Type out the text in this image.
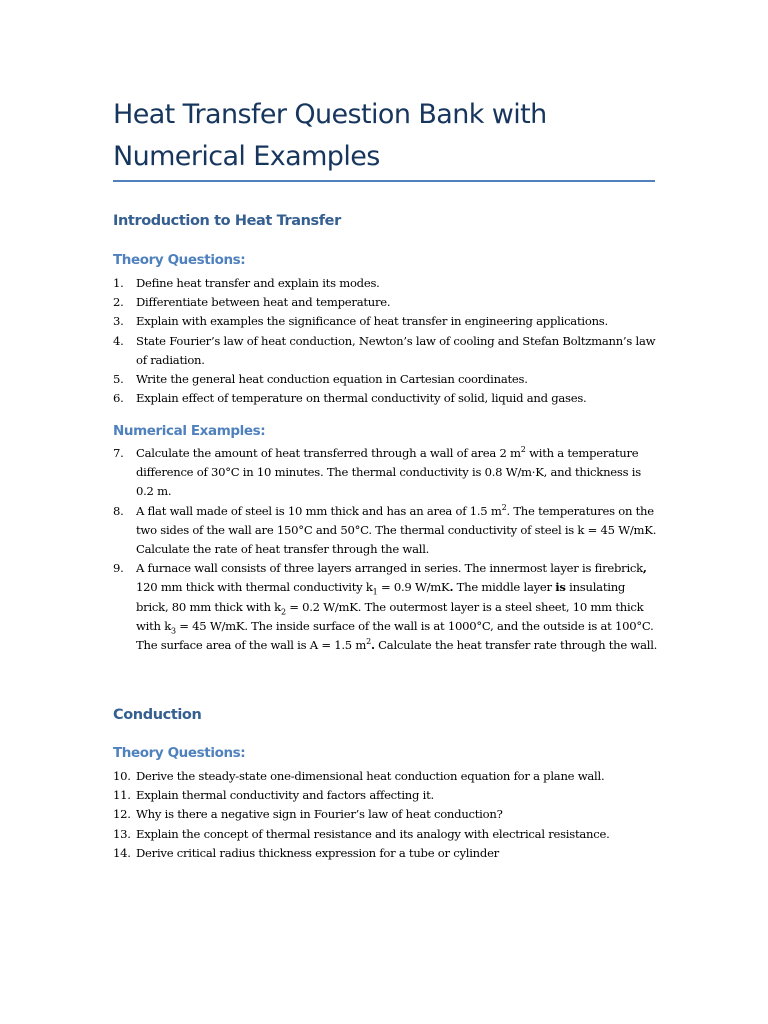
Heat Transfer Question Bank with Numerical Examples
Introduction to Heat Transfer
Theory Questions:
1. Define heat transfer and explain its modes.
2. Differentiate between heat and temperature.
3. Explain with examples the significance of heat transfer in engineering applications.
4. State Fourier’s law of heat conduction, Newton’s law of cooling and Stefan Boltzmann’s law of radiation.
5. Write the general heat conduction equation in Cartesian coordinates.
6. Explain effect of temperature on thermal conductivity of solid, liquid and gases.
Numerical Examples:
7. Calculate the amount of heat transferred through a wall of area 2 $m^2$ with a temperature difference of 30°C in 10 minutes. The thermal conductivity is 0.8 W/m·K, and thickness is 0.2 m.
8. A flat wall made of steel is 10 mm thick and has an area of 1.5 $m^2$. The temperatures on the two sides of the wall are 150°C and 50°C. The thermal conductivity of steel is k = 45 W/mK. Calculate the rate of heat transfer through the wall.
9. A furnace wall consists of three layers arranged in series. The innermost layer is firebrick, 120 mm thick with thermal conductivity $k_1 = 0.9$ W/mK. The middle layer is insulating brick, 80 mm thick with $k_2 = 0.2$ W/mK. The outermost layer is a steel sheet, 10 mm thick with $k_3 = 45$ W/mK. The inside surface of the wall is at 1000°C, and the outside is at 100°C. The surface area of the wall is A = 1.5 $m^2$. Calculate the heat transfer rate through the wall.
Conduction
Theory Questions:
10. Derive the steady-state one-dimensional heat conduction equation for a plane wall.
11. Explain thermal conductivity and factors affecting it.
12. Why is there a negative sign in Fourier’s law of heat conduction?
13. Explain the concept of thermal resistance and its analogy with electrical resistance.
14. Derive critical radius thickness expression for a tube or cylinder
